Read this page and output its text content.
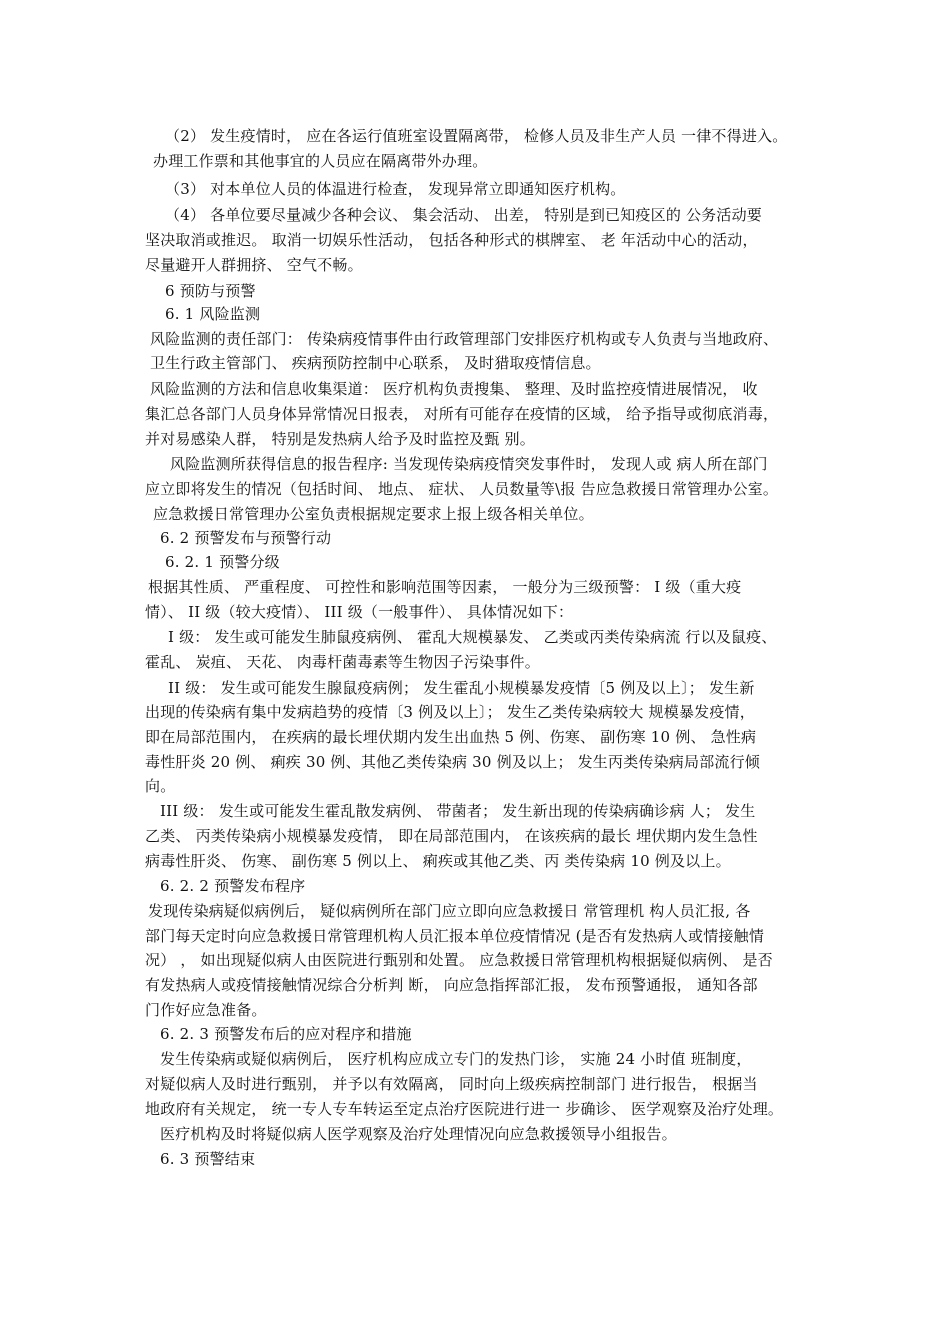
（2） 发生疫情时， 应在各运行值班室设置隔离带， 检修人员及非生产人员 一律不得进入。
办理工作票和其他事宜的人员应在隔离带外办理。
（3） 对本单位人员的体温进行检查， 发现异常立即通知医疗机构。
（4） 各单位要尽量减少各种会议、 集会活动、 出差， 特别是到已知疫区的 公务活动要
坚决取消或推迟。 取消一切娱乐性活动， 包括各种形式的棋牌室、 老 年活动中心的活动，
尽量避开人群拥挤、 空气不畅。
6 预防与预警
6. 1 风险监测
风险监测的责任部门： 传染病疫情事件由行政管理部门安排医疗机构或专人负责与当地政府、
卫生行政主管部门、 疾病预防控制中心联系， 及时猎取疫情信息。
风险监测的方法和信息收集渠道： 医疗机构负责搜集、 整理、及时监控疫情进展情况， 收
集汇总各部门人员身体异常情况日报表， 对所有可能存在疫情的区域， 给予指导或彻底消毒，
并对易感染人群， 特别是发热病人给予及时监控及甄 别。
风险监测所获得信息的报告程序: 当发现传染病疫情突发事件时， 发现人或 病人所在部门
应立即将发生的情况（包括时间、 地点、 症状、 人员数量等\报 告应急救援日常管理办公室。
应急救援日常管理办公室负责根据规定要求上报上级各相关单位。
6. 2 预警发布与预警行动
6. 2. 1 预警分级
根据其性质、 严重程度、 可控性和影响范围等因素， 一般分为三级预警： I 级（重大疫
情）、 II 级（较大疫情）、 III 级（一般事件）、 具体情况如下：
I 级： 发生或可能发生肺鼠疫病例、 霍乱大规模暴发、 乙类或丙类传染病流 行以及鼠疫、
霍乱、 炭疽、 天花、 肉毒杆菌毒素等生物因子污染事件。
II 级： 发生或可能发生腺鼠疫病例； 发生霍乱小规模暴发疫情〔5 例及以上〕； 发生新
出现的传染病有集中发病趋势的疫情〔3 例及以上〕； 发生乙类传染病较大 规模暴发疫情，
即在局部范围内， 在疾病的最长埋伏期内发生出血热 5 例、伤寒、 副伤寒 10 例、 急性病
毒性肝炎 20 例、 痢疾 30 例、其他乙类传染病 30 例及以上； 发生丙类传染病局部流行倾
向。
III 级： 发生或可能发生霍乱散发病例、 带菌者； 发生新出现的传染病确诊病 人； 发生
乙类、 丙类传染病小规模暴发疫情， 即在局部范围内， 在该疾病的最长 埋伏期内发生急性
病毒性肝炎、 伤寒、 副伤寒 5 例以上、 痢疾或其他乙类、丙 类传染病 10 例及以上。
6. 2. 2 预警发布程序
发现传染病疑似病例后， 疑似病例所在部门应立即向应急救援日 常管理机 构人员汇报, 各
部门每天定时向应急救援日常管理机构人员汇报本单位疫情情况 (是否有发热病人或情接触情
况） ， 如出现疑似病人由医院进行甄别和处置。 应急救援日常管理机构根据疑似病例、 是否
有发热病人或疫情接触情况综合分析判 断， 向应急指挥部汇报， 发布预警通报， 通知各部
门作好应急准备。
6. 2. 3 预警发布后的应对程序和措施
发生传染病或疑似病例后， 医疗机构应成立专门的发热门诊， 实施 24 小时值 班制度，
对疑似病人及时进行甄别， 并予以有效隔离， 同时向上级疾病控制部门 进行报告， 根据当
地政府有关规定， 统一专人专车转运至定点治疗医院进行进一 步确诊、 医学观察及治疗处理。
医疗机构及时将疑似病人医学观察及治疗处理情况向应急救援领导小组报告。
6. 3 预警结束
